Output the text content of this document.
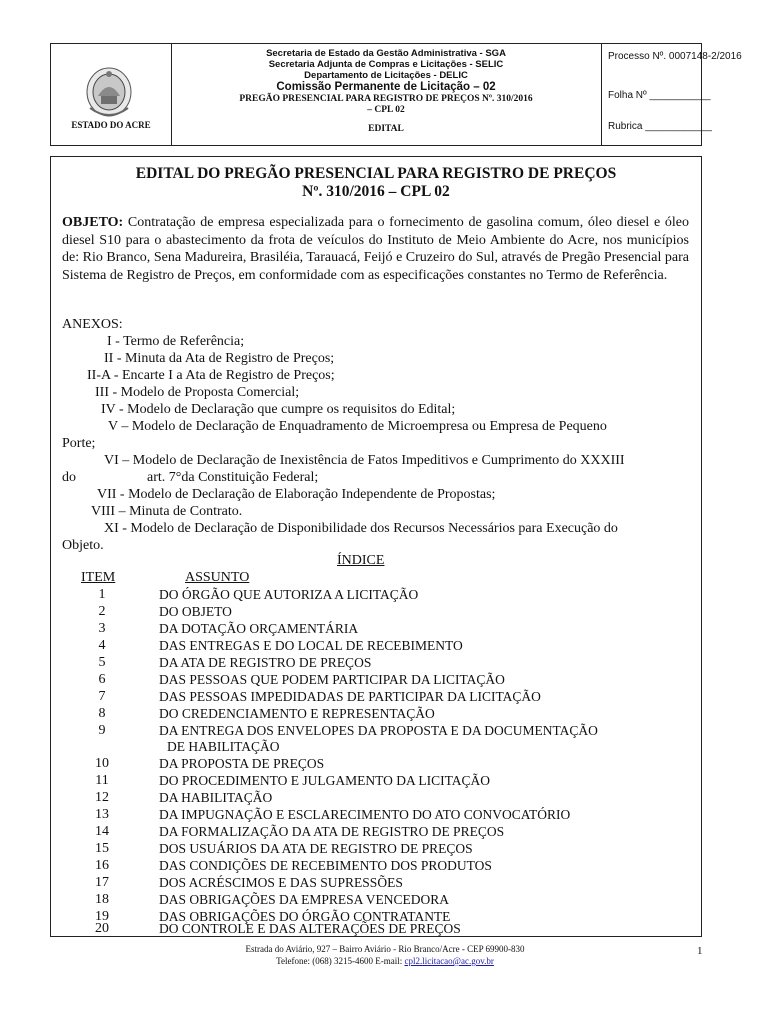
ESTADO DO ACRE
Secretaria de Estado da Gestão Administrativa - SGA
Secretaria Adjunta de Compras e Licitações - SELIC
Departamento de Licitações - DELIC
Comissão Permanente de Licitação – 02
PREGÃO PRESENCIAL PARA REGISTRO DE PREÇOS Nº. 310/2016
– CPL 02
EDITAL
Processo Nº. 0007148-2/2016
Folha Nº ___________
Rubrica ____________
EDITAL DO PREGÃO PRESENCIAL PARA REGISTRO DE PREÇOS
Nº. 310/2016 – CPL 02
OBJETO: Contratação de empresa especializada para o fornecimento de gasolina comum, óleo diesel e óleo diesel S10 para o abastecimento da frota de veículos do Instituto de Meio Ambiente do Acre, nos municípios de: Rio Branco, Sena Madureira, Brasiléia, Tarauacá, Feijó e Cruzeiro do Sul, através de Pregão Presencial para Sistema de Registro de Preços, em conformidade com as especificações constantes no Termo de Referência.
ANEXOS:
I - Termo de Referência;
II - Minuta da Ata de Registro de Preços;
II-A - Encarte I a Ata de Registro de Preços;
III - Modelo de Proposta Comercial;
IV - Modelo de Declaração que cumpre os requisitos do Edital;
V – Modelo de Declaração de Enquadramento de Microempresa ou Empresa de Pequeno
Porte;
VI – Modelo de Declaração de Inexistência de Fatos Impeditivos e Cumprimento do XXXIII
do	art. 7°da Constituição Federal;
VII - Modelo de Declaração de Elaboração Independente de Propostas;
VIII – Minuta de Contrato.
XI - Modelo de Declaração de Disponibilidade dos Recursos Necessários para Execução do
Objeto.
ÍNDICE
ITEM	ASSUNTO
1	DO ÓRGÃO QUE AUTORIZA A LICITAÇÃO
2	DO OBJETO
3	DA DOTAÇÃO ORÇAMENTÁRIA
4	DAS ENTREGAS E DO LOCAL DE RECEBIMENTO
5	DA ATA DE REGISTRO DE PREÇOS
6	DAS PESSOAS QUE PODEM PARTICIPAR DA LICITAÇÃO
7	DAS PESSOAS IMPEDIDADAS DE PARTICIPAR DA LICITAÇÃO
8	DO CREDENCIAMENTO E REPRESENTAÇÃO
9	DA ENTREGA DOS ENVELOPES DA PROPOSTA E DA DOCUMENTAÇÃO
DE HABILITAÇÃO
10	DA PROPOSTA DE PREÇOS
11	DO PROCEDIMENTO E JULGAMENTO DA LICITAÇÃO
12	DA HABILITAÇÃO
13	DA IMPUGNAÇÃO E ESCLARECIMENTO DO ATO CONVOCATÓRIO
14	DA FORMALIZAÇÃO DA ATA DE REGISTRO DE PREÇOS
15	DOS USUÁRIOS DA ATA DE REGISTRO DE PREÇOS
16	DAS CONDIÇÕES DE RECEBIMENTO DOS PRODUTOS
17	DOS ACRÉSCIMOS E DAS SUPRESSÕES
18	DAS OBRIGAÇÕES DA EMPRESA VENCEDORA
19	DAS OBRIGAÇÕES DO ÓRGÃO CONTRATANTE
20	DO CONTROLE E DAS ALTERAÇÕES DE PREÇOS
Estrada do Aviário, 927 – Bairro Aviário - Rio Branco/Acre - CEP 69900-830
Telefone: (068) 3215-4600 E-mail: cpl2.licitacao@ac.gov.br
1
